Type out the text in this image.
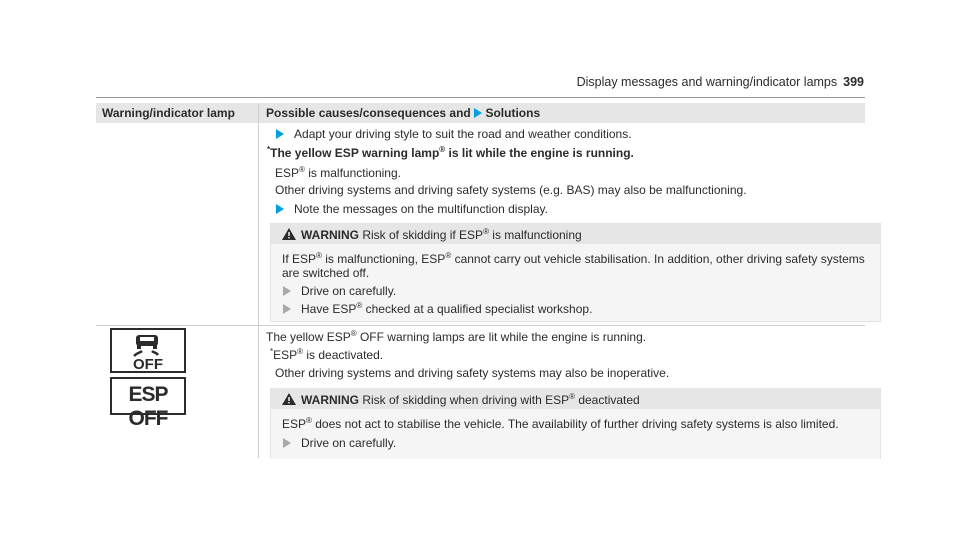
Display messages and warning/indicator lamps 399
Warning/indicator lamp	Possible causes/consequences and Solutions
Adapt your driving style to suit the road and weather conditions.
*The yellow ESP warning lamp® is lit while the engine is running.
ESP® is malfunctioning.
Other driving systems and driving safety systems (e.g. BAS) may also be malfunctioning.
Note the messages on the multifunction display.
WARNING Risk of skidding if ESP® is malfunctioning
If ESP® is malfunctioning, ESP® cannot carry out vehicle stabilisation. In addition, other driving safety systems
are switched off.
Drive on carefully.
Have ESP® checked at a qualified specialist workshop.
OFF
ESP OFF
The yellow ESP® OFF warning lamps are lit while the engine is running.
*ESP® is deactivated.
Other driving systems and driving safety systems may also be inoperative.
WARNING Risk of skidding when driving with ESP® deactivated
ESP® does not act to stabilise the vehicle. The availability of further driving safety systems is also limited.
Drive on carefully.
